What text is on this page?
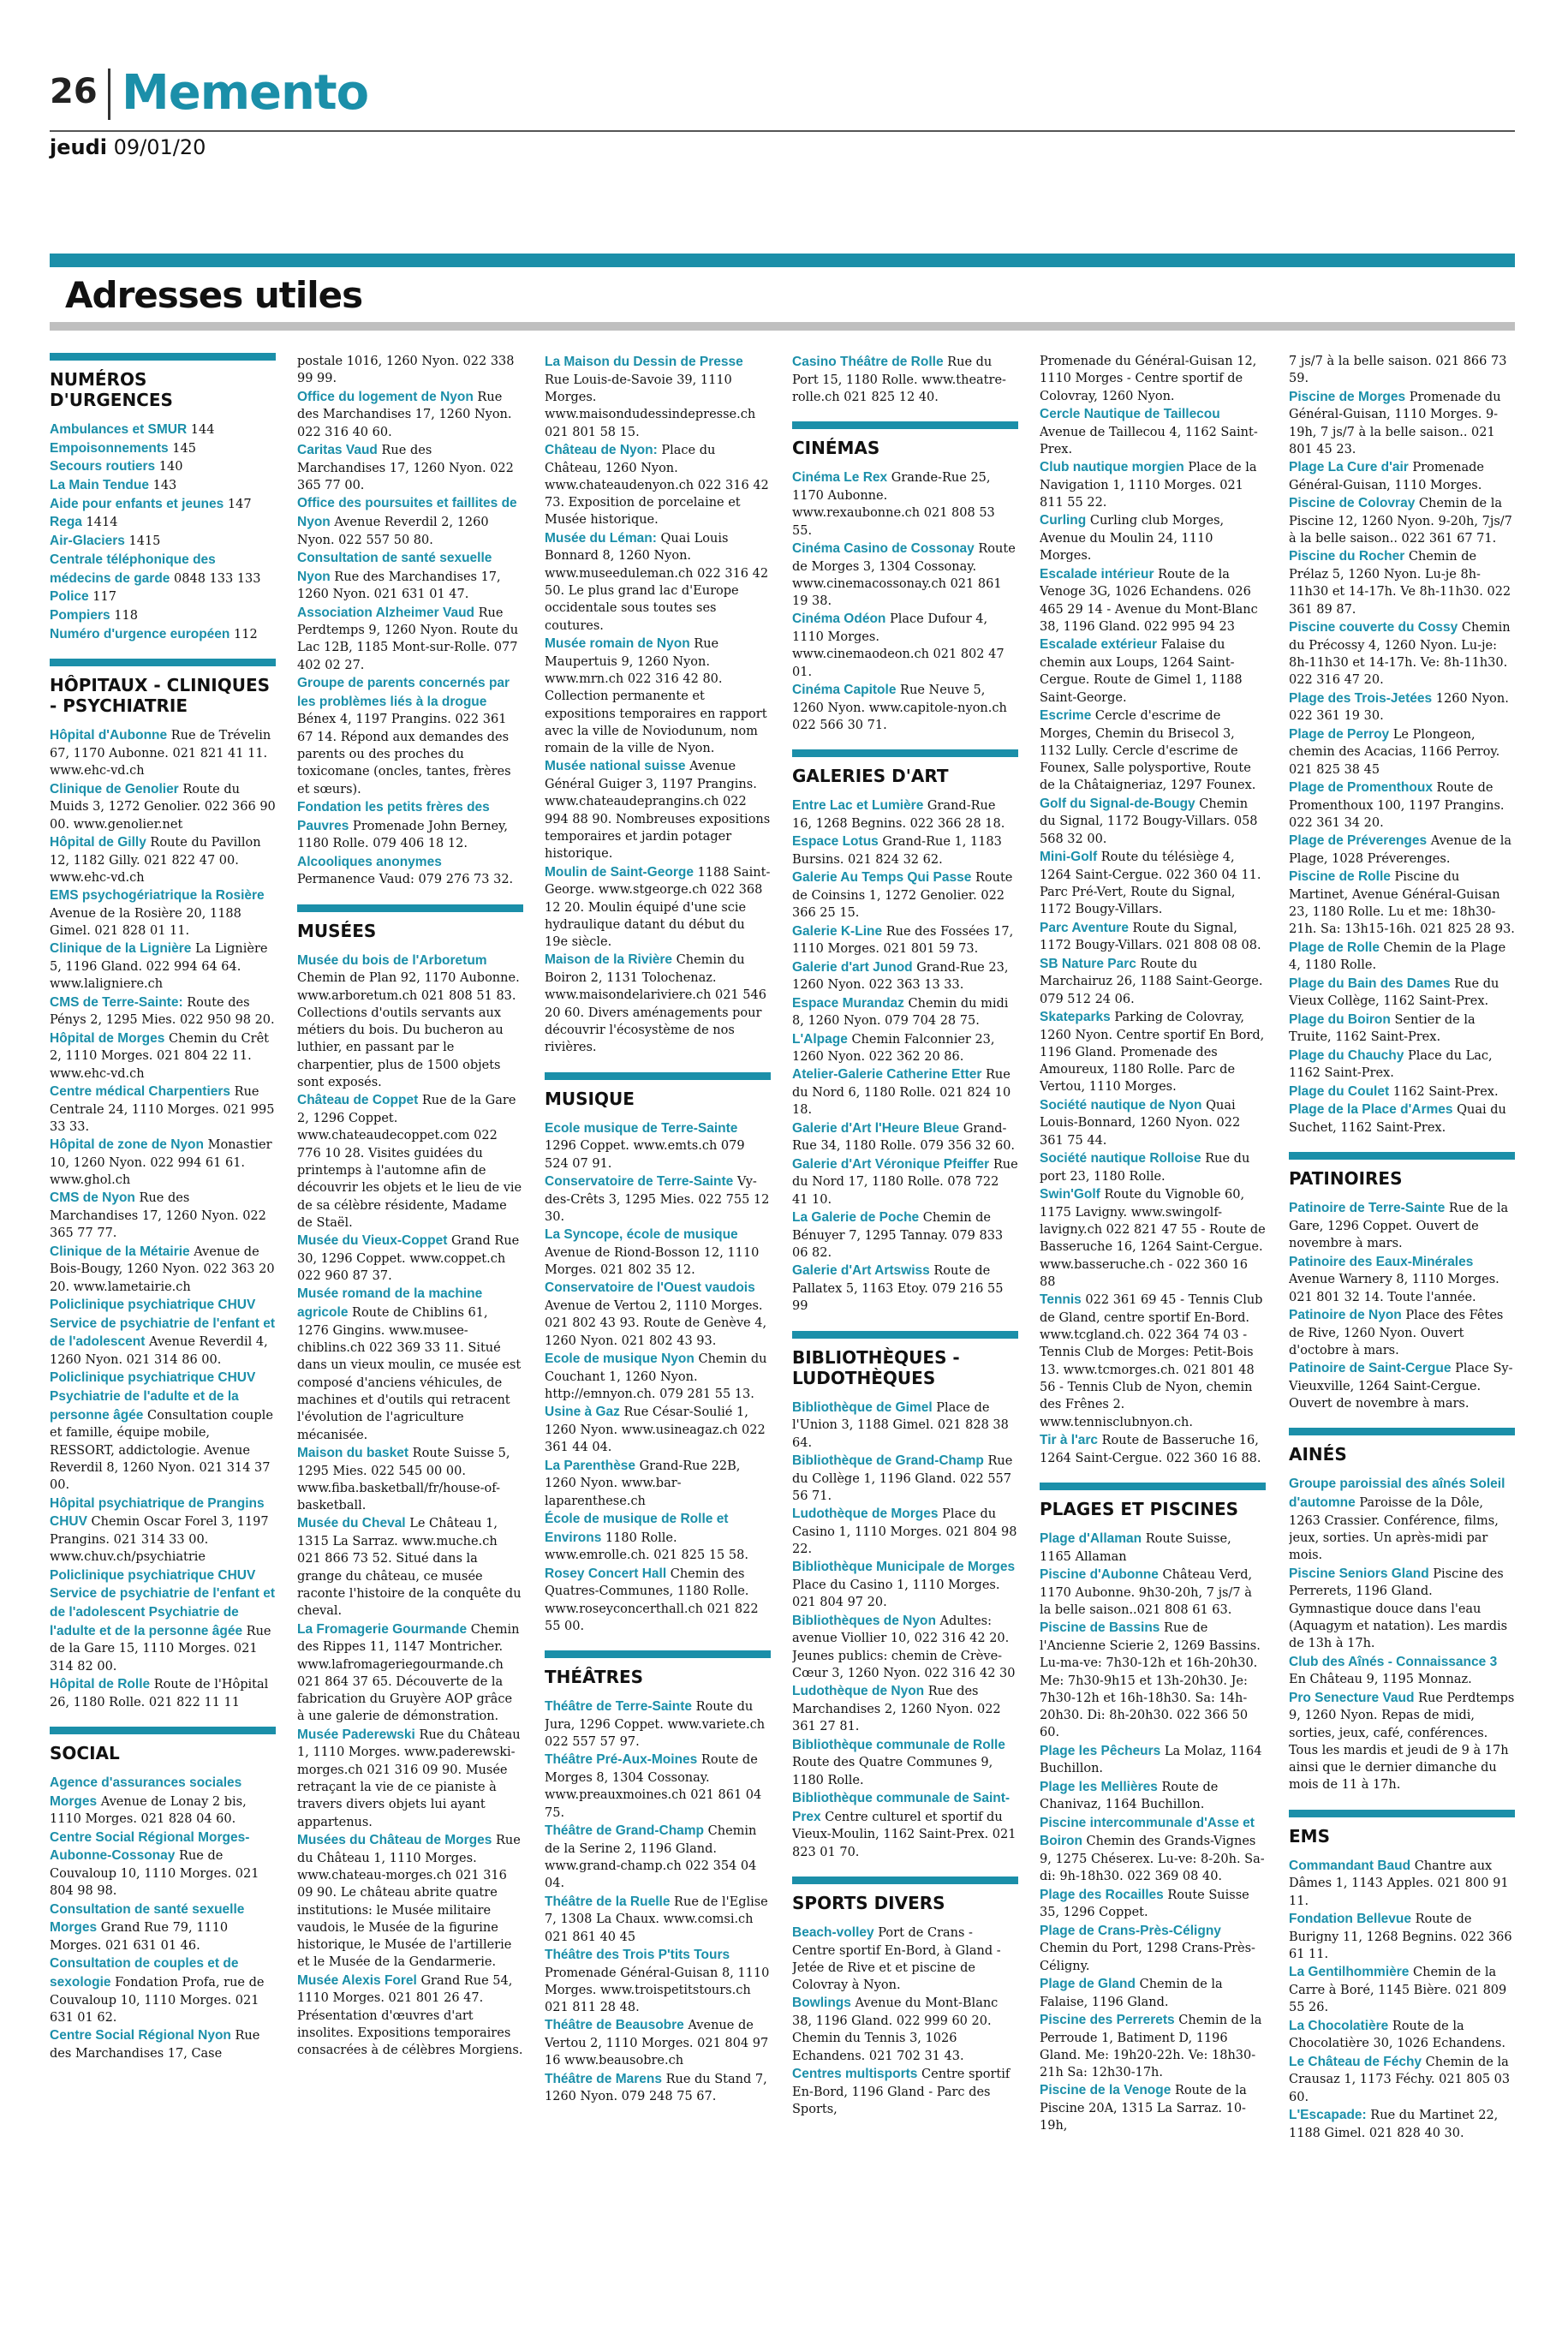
26 Memento
jeudi 09/01/20
Adresses utiles
NUMÉROS D'URGENCES
Ambulances et SMUR 144
Empoisonnements 145
Secours routiers 140
La Main Tendue 143
Aide pour enfants et jeunes 147
Rega 1414
Air-Glaciers 1415
Centrale téléphonique des médecins de garde 0848 133 133
Police 117
Pompiers 118
Numéro d'urgence européen 112
HÔPITAUX - CLINIQUES - PSYCHIATRIE
Hôpital d'Aubonne Rue de Trévelin 67, 1170 Aubonne. 021 821 41 11. www.ehc-vd.ch
Clinique de Genolier Route du Muids 3, 1272 Genolier. 022 366 90 00. www.genolier.net
Hôpital de Gilly Route du Pavillon 12, 1182 Gilly. 021 822 47 00. www.ehc-vd.ch
EMS psychogériatrique la Rosière Avenue de la Rosière 20, 1188 Gimel. 021 828 01 11.
Clinique de la Lignière La Lignière 5, 1196 Gland. 022 994 64 64. www.laligniere.ch
CMS de Terre-Sainte: Route des Pénys 2, 1295 Mies. 022 950 98 20.
Hôpital de Morges Chemin du Crêt 2, 1110 Morges. 021 804 22 11. www.ehc-vd.ch
Centre médical Charpentiers Rue Centrale 24, 1110 Morges. 021 995 33 33.
Hôpital de zone de Nyon Monastier 10, 1260 Nyon. 022 994 61 61. www.ghol.ch
CMS de Nyon Rue des Marchandises 17, 1260 Nyon. 022 365 77 77.
Clinique de la Métairie Avenue de Bois-Bougy, 1260 Nyon. 022 363 20 20. www.lametairie.ch
Policlinique psychiatrique CHUV Service de psychiatrie de l'enfant et de l'adolescent Avenue Reverdil 4, 1260 Nyon. 021 314 86 00.
Policlinique psychiatrique CHUV Psychiatrie de l'adulte et de la personne âgée Consultation couple et famille, équipe mobile, RESSORT, addictologie. Avenue Reverdil 8, 1260 Nyon. 021 314 37 00.
Hôpital psychiatrique de Prangins CHUV Chemin Oscar Forel 3, 1197 Prangins. 021 314 33 00. www.chuv.ch/psychiatrie
Policlinique psychiatrique CHUV Service de psychiatrie de l'enfant et de l'adolescent Psychiatrie de l'adulte et de la personne âgée Rue de la Gare 15, 1110 Morges. 021 314 82 00.
Hôpital de Rolle Route de l'Hôpital 26, 1180 Rolle. 021 822 11 11
SOCIAL
Agence d'assurances sociales Morges Avenue de Lonay 2 bis, 1110 Morges. 021 828 04 60.
Centre Social Régional Morges-Aubonne-Cossonay Rue de Couvaloup 10, 1110 Morges. 021 804 98 98.
Consultation de santé sexuelle Morges Grand Rue 79, 1110 Morges. 021 631 01 46.
Consultation de couples et de sexologie Fondation Profa, rue de Couvaloup 10, 1110 Morges. 021 631 01 62.
Centre Social Régional Nyon Rue des Marchandises 17, Case
postale 1016, 1260 Nyon. 022 338 99 99.
Office du logement de Nyon Rue des Marchandises 17, 1260 Nyon. 022 316 40 60.
Caritas Vaud Rue des Marchandises 17, 1260 Nyon. 022 365 77 00.
Office des poursuites et faillites de Nyon Avenue Reverdil 2, 1260 Nyon. 022 557 50 80.
Consultation de santé sexuelle Nyon Rue des Marchandises 17, 1260 Nyon. 021 631 01 47.
Association Alzheimer Vaud Rue Perdtemps 9, 1260 Nyon. Route du Lac 12B, 1185 Mont-sur-Rolle. 077 402 02 27.
Groupe de parents concernés par les problèmes liés à la drogue Bénex 4, 1197 Prangins. 022 361 67 14. Répond aux demandes des parents ou des proches du toxicomane (oncles, tantes, frères et sœurs).
Fondation les petits frères des Pauvres Promenade John Berney, 1180 Rolle. 079 406 18 12.
Alcooliques anonymes Permanence Vaud: 079 276 73 32.
MUSÉES
Musée du bois de l'Arboretum Chemin de Plan 92, 1170 Aubonne. www.arboretum.ch 021 808 51 83. Collections d'outils servants aux métiers du bois. Du bucheron au luthier, en passant par le charpentier, plus de 1500 objets sont exposés.
Château de Coppet Rue de la Gare 2, 1296 Coppet. www.chateaudecoppet.com 022 776 10 28. Visites guidées du printemps à l'automne afin de découvrir les objets et le lieu de vie de sa célèbre résidente, Madame de Staël.
Musée du Vieux-Coppet Grand Rue 30, 1296 Coppet. www.coppet.ch 022 960 87 37.
Musée romand de la machine agricole Route de Chiblins 61, 1276 Gingins. www.musee-chiblins.ch 022 369 33 11. Situé dans un vieux moulin, ce musée est composé d'anciens véhicules, de machines et d'outils qui retracent l'évolution de l'agriculture mécanisée.
Maison du basket Route Suisse 5, 1295 Mies. 022 545 00 00. www.fiba.basketball/fr/house-of-basketball.
Musée du Cheval Le Château 1, 1315 La Sarraz. www.muche.ch 021 866 73 52. Situé dans la grange du château, ce musée raconte l'histoire de la conquête du cheval.
La Fromagerie Gourmande Chemin des Rippes 11, 1147 Montricher. www.lafromageriegourmande.ch 021 864 37 65. Découverte de la fabrication du Gruyère AOP grâce à une galerie de démonstration.
Musée Paderewski Rue du Château 1, 1110 Morges. www.paderewski-morges.ch 021 316 09 90. Musée retraçant la vie de ce pianiste à travers divers objets lui ayant appartenus.
Musées du Château de Morges Rue du Château 1, 1110 Morges. www.chateau-morges.ch 021 316 09 90. Le château abrite quatre institutions: le Musée militaire vaudois, le Musée de la figurine historique, le Musée de l'artillerie et le Musée de la Gendarmerie.
Musée Alexis Forel Grand Rue 54, 1110 Morges. 021 801 26 47. Présentation d'œuvres d'art insolites. Expositions temporaires consacrées à de célèbres Morgiens.
La Maison du Dessin de Presse Rue Louis-de-Savoie 39, 1110 Morges. www.maisondudessindepresse.ch 021 801 58 15.
Château de Nyon: Place du Château, 1260 Nyon. www.chateaudenyon.ch 022 316 42 73. Exposition de porcelaine et Musée historique.
Musée du Léman: Quai Louis Bonnard 8, 1260 Nyon. www.museeduleman.ch 022 316 42 50. Le plus grand lac d'Europe occidentale sous toutes ses coutures.
Musée romain de Nyon Rue Maupertuis 9, 1260 Nyon. www.mrn.ch 022 316 42 80. Collection permanente et expositions temporaires en rapport avec la ville de Noviodunum, nom romain de la ville de Nyon.
Musée national suisse Avenue Général Guiger 3, 1197 Prangins. www.chateaudeprangins.ch 022 994 88 90. Nombreuses expositions temporaires et jardin potager historique.
Moulin de Saint-George 1188 Saint-George. www.stgeorge.ch 022 368 12 20. Moulin équipé d'une scie hydraulique datant du début du 19e siècle.
Maison de la Rivière Chemin du Boiron 2, 1131 Tolochenaz. www.maisondelariviere.ch 021 546 20 60. Divers aménagements pour découvrir l'écosystème de nos rivières.
MUSIQUE
Ecole musique de Terre-Sainte 1296 Coppet. www.emts.ch 079 524 07 91.
Conservatoire de Terre-Sainte Vy-des-Crêts 3, 1295 Mies. 022 755 12 30.
La Syncope, école de musique Avenue de Riond-Bosson 12, 1110 Morges. 021 802 35 12.
Conservatoire de l'Ouest vaudois Avenue de Vertou 2, 1110 Morges. 021 802 43 93. Route de Genève 4, 1260 Nyon. 021 802 43 93.
Ecole de musique Nyon Chemin du Couchant 1, 1260 Nyon. http://emnyon.ch. 079 281 55 13.
Usine à Gaz Rue César-Soulié 1, 1260 Nyon. www.usineagaz.ch 022 361 44 04.
La Parenthèse Grand-Rue 22B, 1260 Nyon. www.bar-laparenthese.ch
École de musique de Rolle et Environs 1180 Rolle. www.emrolle.ch. 021 825 15 58.
Rosey Concert Hall Chemin des Quatres-Communes, 1180 Rolle. www.roseyconcerthall.ch 021 822 55 00.
THÉÂTRES
Théâtre de Terre-Sainte Route du Jura, 1296 Coppet. www.varietе.ch 022 557 57 97.
Théâtre Pré-Aux-Moines Route de Morges 8, 1304 Cossonay. www.preauxmoines.ch 021 861 04 75.
Théâtre de Grand-Champ Chemin de la Serine 2, 1196 Gland. www.grand-champ.ch 022 354 04 04.
Théâtre de la Ruelle Rue de l'Eglise 7, 1308 La Chaux. www.comsi.ch 021 861 40 45
Théâtre des Trois P'tits Tours Promenade Général-Guisan 8, 1110 Morges. www.troispetitstours.ch 021 811 28 48.
Théâtre de Beausobre Avenue de Vertou 2, 1110 Morges. 021 804 97 16 www.beausobre.ch
Théâtre de Marens Rue du Stand 7, 1260 Nyon. 079 248 75 67.
Casino Théâtre de Rolle Rue du Port 15, 1180 Rolle. www.theatre-rolle.ch 021 825 12 40.
CINÉMAS
Cinéma Le Rex Grande-Rue 25, 1170 Aubonne. www.rexaubonne.ch 021 808 53 55.
Cinéma Casino de Cossonay Route de Morges 3, 1304 Cossonay. www.cinemacossonay.ch 021 861 19 38.
Cinéma Odéon Place Dufour 4, 1110 Morges. www.cinemaodeon.ch 021 802 47 01.
Cinéma Capitole Rue Neuve 5, 1260 Nyon. www.capitole-nyon.ch 022 566 30 71.
GALERIES D'ART
Entre Lac et Lumière Grand-Rue 16, 1268 Begnins. 022 366 28 18.
Espace Lotus Grand-Rue 1, 1183 Bursins. 021 824 32 62.
Galerie Au Temps Qui Passe Route de Coinsins 1, 1272 Genolier. 022 366 25 15.
Galerie K-Line Rue des Fossées 17, 1110 Morges. 021 801 59 73.
Galerie d'art Junod Grand-Rue 23, 1260 Nyon. 022 363 13 33.
Espace Murandaz Chemin du midi 8, 1260 Nyon. 079 704 28 75.
L'Alpage Chemin Falconnier 23, 1260 Nyon. 022 362 20 86.
Atelier-Galerie Catherine Etter Rue du Nord 6, 1180 Rolle. 021 824 10 18.
Galerie d'Art l'Heure Bleue Grand-Rue 34, 1180 Rolle. 079 356 32 60.
Galerie d'Art Véronique Pfeiffer Rue du Nord 17, 1180 Rolle. 078 722 41 10.
La Galerie de Poche Chemin de Bénuyer 7, 1295 Tannay. 079 833 06 82.
Galerie d'Art Artswiss Route de Pallatex 5, 1163 Etoy. 079 216 55 99
BIBLIOTHÈQUES - LUDOTHÈQUES
Bibliothèque de Gimel Place de l'Union 3, 1188 Gimel. 021 828 38 64.
Bibliothèque de Grand-Champ Rue du Collège 1, 1196 Gland. 022 557 56 71.
Ludothèque de Morges Place du Casino 1, 1110 Morges. 021 804 98 22.
Bibliothèque Municipale de Morges Place du Casino 1, 1110 Morges. 021 804 97 20.
Bibliothèques de Nyon Adultes: avenue Viollier 10, 022 316 42 20. Jeunes publics: chemin de Crève-Cœur 3, 1260 Nyon. 022 316 42 30
Ludothèque de Nyon Rue des Marchandises 2, 1260 Nyon. 022 361 27 81.
Bibliothèque communale de Rolle Route des Quatre Communes 9, 1180 Rolle.
Bibliothèque communale de Saint-Prex Centre culturel et sportif du Vieux-Moulin, 1162 Saint-Prex. 021 823 01 70.
SPORTS DIVERS
Beach-volley Port de Crans - Centre sportif En-Bord, à Gland - Jetée de Rive et et piscine de Colovray à Nyon.
Bowlings Avenue du Mont-Blanc 38, 1196 Gland. 022 999 60 20. Chemin du Tennis 3, 1026 Echandens. 021 702 31 43.
Centres multisports Centre sportif En-Bord, 1196 Gland - Parc des Sports,
Promenade du Général-Guisan 12, 1110 Morges - Centre sportif de Colovray, 1260 Nyon.
Cercle Nautique de Taillecou Avenue de Taillecou 4, 1162 Saint-Prex.
Club nautique morgien Place de la Navigation 1, 1110 Morges. 021 811 55 22.
Curling Curling club Morges, Avenue du Moulin 24, 1110 Morges.
Escalade intérieur Route de la Venoge 3G, 1026 Echandens. 026 465 29 14 - Avenue du Mont-Blanc 38, 1196 Gland. 022 995 94 23
Escalade extérieur Falaise du chemin aux Loups, 1264 Saint-Cergue. Route de Gimel 1, 1188 Saint-George.
Escrime Cercle d'escrime de Morges, Chemin du Brisecol 3, 1132 Lully. Cercle d'escrime de Founex, Salle polysportive, Route de la Châtaigneriaz, 1297 Founex.
Golf du Signal-de-Bougy Chemin du Signal, 1172 Bougy-Villars. 058 568 32 00.
Mini-Golf Route du télésiège 4, 1264 Saint-Cergue. 022 360 04 11. Parc Pré-Vert, Route du Signal, 1172 Bougy-Villars.
Parc Aventure Route du Signal, 1172 Bougy-Villars. 021 808 08 08.
SB Nature Parc Route du Marchairuz 26, 1188 Saint-George. 079 512 24 06.
Skateparks Parking de Colovray, 1260 Nyon. Centre sportif En Bord, 1196 Gland. Promenade des Amoureux, 1180 Rolle. Parc de Vertou, 1110 Morges.
Société nautique de Nyon Quai Louis-Bonnard, 1260 Nyon. 022 361 75 44.
Société nautique Rolloise Rue du port 23, 1180 Rolle.
Swin'Golf Route du Vignoble 60, 1175 Lavigny. www.swingolf-lavigny.ch 022 821 47 55 - Route de Basseruche 16, 1264 Saint-Cergue. www.basseruche.ch - 022 360 16 88
Tennis 022 361 69 45 - Tennis Club de Gland, centre sportif En-Bord. www.tcgland.ch. 022 364 74 03 - Tennis Club de Morges: Petit-Bois 13. www.tcmorges.ch. 021 801 48 56 - Tennis Club de Nyon, chemin des Frênes 2. www.tennisclubnyon.ch.
Tir à l'arc Route de Basseruche 16, 1264 Saint-Cergue. 022 360 16 88.
PLAGES ET PISCINES
Plage d'Allaman Route Suisse, 1165 Allaman
Piscine d'Aubonne Château Verd, 1170 Aubonne. 9h30-20h, 7 js/7 à la belle saison..021 808 61 63.
Piscine de Bassins Rue de l'Ancienne Scierie 2, 1269 Bassins. Lu-ma-ve: 7h30-12h et 16h-20h30. Me: 7h30-9h15 et 13h-20h30. Je: 7h30-12h et 16h-18h30. Sa: 14h-20h30. Di: 8h-20h30. 022 366 50 60.
Plage les Pêcheurs La Molaz, 1164 Buchillon.
Plage les Mellières Route de Chanivaz, 1164 Buchillon.
Piscine intercommunale d'Asse et Boiron Chemin des Grands-Vignes 9, 1275 Chéserex. Lu-ve: 8-20h. Sa-di: 9h-18h30. 022 369 08 40.
Plage des Rocailles Route Suisse 35, 1296 Coppet.
Plage de Crans-Près-Céligny Chemin du Port, 1298 Crans-Près-Céligny.
Plage de Gland Chemin de la Falaise, 1196 Gland.
Piscine des Perrerets Chemin de la Perroude 1, Batiment D, 1196 Gland. Me: 19h20-22h. Ve: 18h30-21h Sa: 12h30-17h.
Piscine de la Venoge Route de la Piscine 20A, 1315 La Sarraz. 10-19h,
7 js/7 à la belle saison. 021 866 73 59.
Piscine de Morges Promenade du Général-Guisan, 1110 Morges. 9-19h, 7 js/7 à la belle saison.. 021 801 45 23.
Plage La Cure d'air Promenade Général-Guisan, 1110 Morges.
Piscine de Colovray Chemin de la Piscine 12, 1260 Nyon. 9-20h, 7js/7 à la belle saison.. 022 361 67 71.
Piscine du Rocher Chemin de Prélaz 5, 1260 Nyon. Lu-je 8h-11h30 et 14-17h. Ve 8h-11h30. 022 361 89 87.
Piscine couverte du Cossy Chemin du Précossy 4, 1260 Nyon. Lu-je: 8h-11h30 et 14-17h. Ve: 8h-11h30. 022 316 47 20.
Plage des Trois-Jetées 1260 Nyon. 022 361 19 30.
Plage de Perroy Le Plongeon, chemin des Acacias, 1166 Perroy. 021 825 38 45
Plage de Promenthoux Route de Promenthoux 100, 1197 Prangins. 022 361 34 20.
Plage de Préverenges Avenue de la Plage, 1028 Préverenges.
Piscine de Rolle Piscine du Martinet, Avenue Général-Guisan 23, 1180 Rolle. Lu et me: 18h30-21h. Sa: 13h15-16h. 021 825 28 93.
Plage de Rolle Chemin de la Plage 4, 1180 Rolle.
Plage du Bain des Dames Rue du Vieux Collège, 1162 Saint-Prex.
Plage du Boiron Sentier de la Truite, 1162 Saint-Prex.
Plage du Chauchy Place du Lac, 1162 Saint-Prex.
Plage du Coulet 1162 Saint-Prex.
Plage de la Place d'Armes Quai du Suchet, 1162 Saint-Prex.
PATINOIRES
Patinoire de Terre-Sainte Rue de la Gare, 1296 Coppet. Ouvert de novembre à mars.
Patinoire des Eaux-Minérales Avenue Warnery 8, 1110 Morges. 021 801 32 14. Toute l'année.
Patinoire de Nyon Place des Fêtes de Rive, 1260 Nyon. Ouvert d'octobre à mars.
Patinoire de Saint-Cergue Place Sy-Vieuxville, 1264 Saint-Cergue. Ouvert de novembre à mars.
AINÉS
Groupe paroissial des aînés Soleil d'automne Paroisse de la Dôle, 1263 Crassier. Conférence, films, jeux, sorties. Un après-midi par mois.
Piscine Seniors Gland Piscine des Perrerets, 1196 Gland. Gymnastique douce dans l'eau (Aquagym et natation). Les mardis de 13h à 17h.
Club des Aînés - Connaissance 3 En Château 9, 1195 Monnaz.
Pro Senecture Vaud Rue Perdtemps 9, 1260 Nyon. Repas de midi, sorties, jeux, café, conférences. Tous les mardis et jeudi de 9 à 17h ainsi que le dernier dimanche du mois de 11 à 17h.
EMS
Commandant Baud Chantre aux Dâmes 1, 1143 Apples. 021 800 91 11.
Fondation Bellevue Route de Burigny 11, 1268 Begnins. 022 366 61 11.
La Gentilhommière Chemin de la Carre à Boré, 1145 Bière. 021 809 55 26.
La Chocolatière Route de la Chocolatière 30, 1026 Echandens.
Le Château de Féchy Chemin de la Crausaz 1, 1173 Féchy. 021 805 03 60.
L'Escapade: Rue du Martinet 22, 1188 Gimel. 021 828 40 30.
